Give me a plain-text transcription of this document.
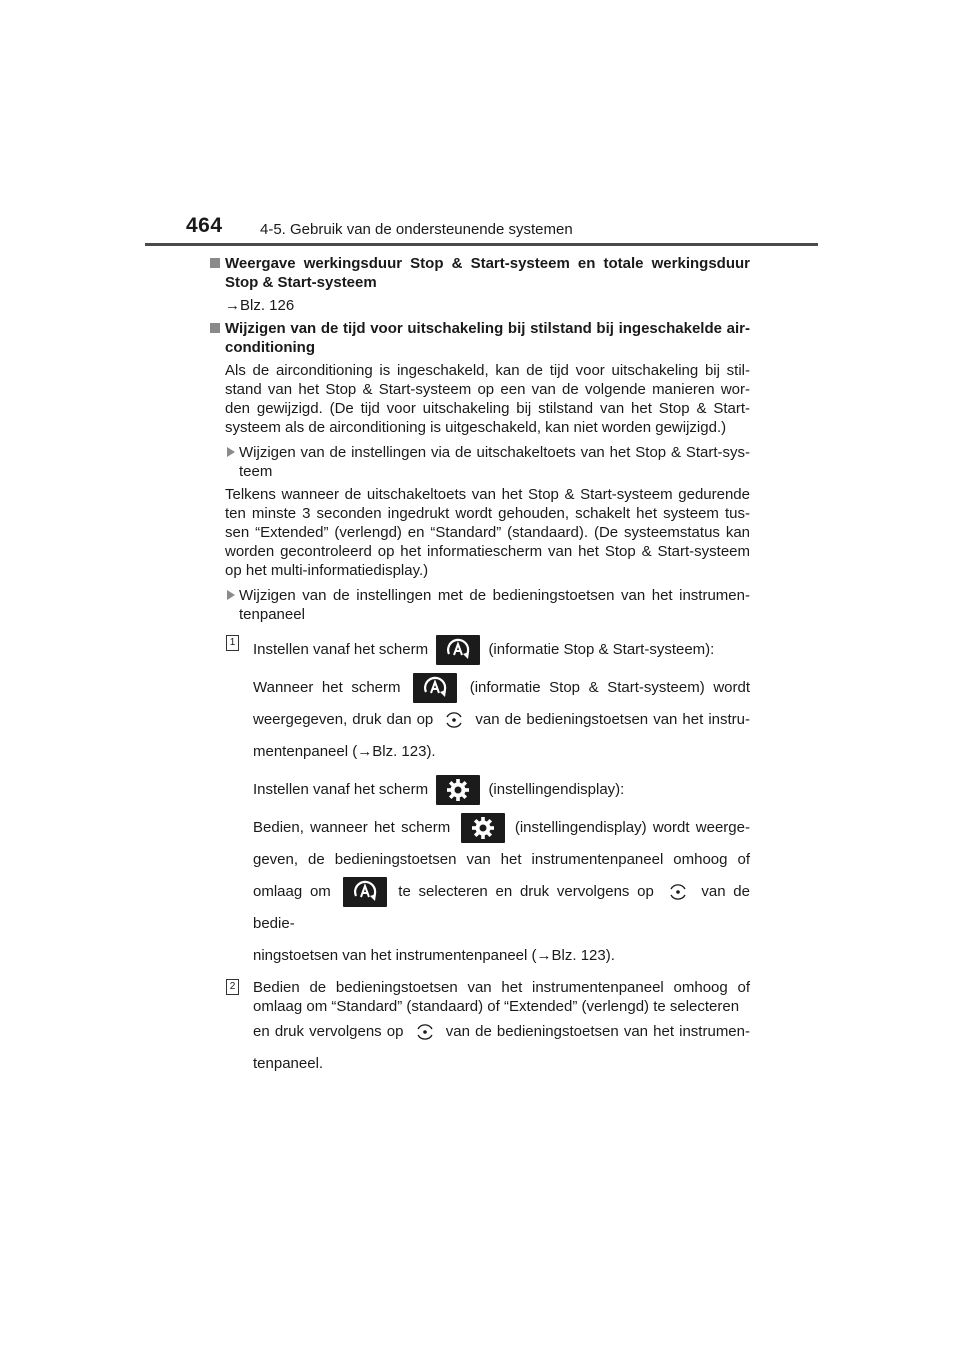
464 4-5. Gebruik van de ondersteunende systemen
Weergave werkingsduur Stop & Start-systeem en totale werkingsduur Stop & Start-systeem
→Blz. 126
Wijzigen van de tijd voor uitschakeling bij stilstand bij ingeschakelde air-conditioning
Als de airconditioning is ingeschakeld, kan de tijd voor uitschakeling bij stil-stand van het Stop & Start-systeem op een van de volgende manieren wor-den gewijzigd. (De tijd voor uitschakeling bij stilstand van het Stop & Start-systeem als de airconditioning is uitgeschakeld, kan niet worden gewijzigd.)
Wijzigen van de instellingen via de uitschakeltoets van het Stop & Start-sys-teem
Telkens wanneer de uitschakeltoets van het Stop & Start-systeem gedurende ten minste 3 seconden ingedrukt wordt gehouden, schakelt het systeem tus-sen “Extended” (verlengd) en “Standard” (standaard). (De systeemstatus kan worden gecontroleerd op het informatiescherm van het Stop & Start-systeem op het multi-informatiedisplay.)
Wijzigen van de instellingen met de bedieningstoetsen van het instrumen-tenpaneel
1 Instellen vanaf het scherm	(informatie Stop & Start-systeem):
Wanneer het scherm	(informatie Stop & Start-systeem) wordt
weergegeven, druk dan op	van de bedieningstoetsen van het instru-
mentenpaneel (→Blz. 123).
Instellen vanaf het scherm	(instellingendisplay):
Bedien, wanneer het scherm	(instellingendisplay) wordt weerge-
geven, de bedieningstoetsen van het instrumentenpaneel omhoog of
omlaag om	te selecteren en druk vervolgens op	van de bedie-
ningstoetsen van het instrumentenpaneel (→Blz. 123).
2 Bedien de bedieningstoetsen van het instrumentenpaneel omhoog of omlaag om “Standard” (standaard) of “Extended” (verlengd) te selecteren
en druk vervolgens op	van de bedieningstoetsen van het instrumen-
tenpaneel.
